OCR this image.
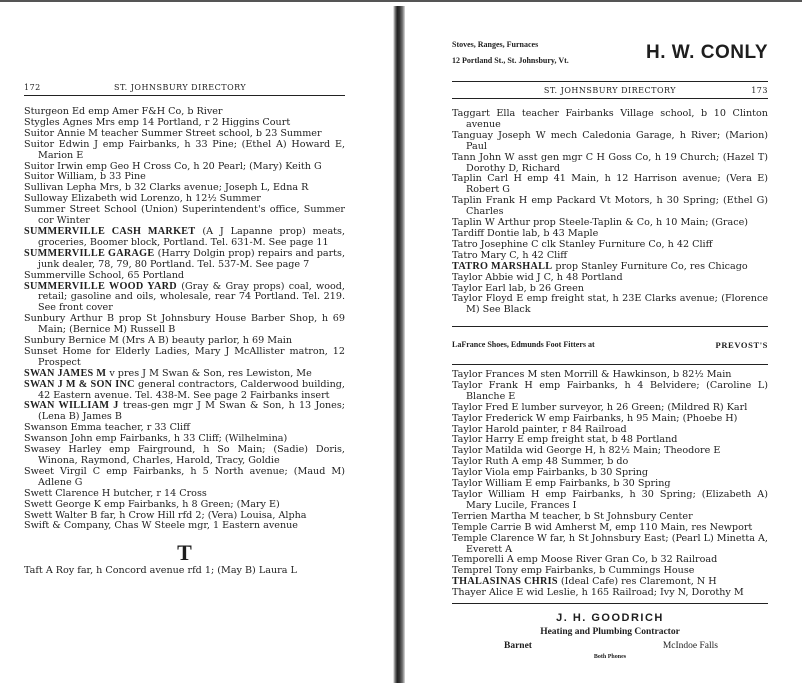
172	ST. JOHNSBURY DIRECTORY
Sturgeon Ed emp Amer F&H Co, b River
Stygles Agnes Mrs emp 14 Portland, r 2 Higgins Court
Suitor Annie M teacher Summer Street school, b 23 Summer
Suitor Edwin J emp Fairbanks, h 33 Pine; (Ethel A) Howard E, Marion E
Suitor Irwin emp Geo H Cross Co, h 20 Pearl; (Mary) Keith G
Suitor William, b 33 Pine
Sullivan Lepha Mrs, b 32 Clarks avenue; Joseph L, Edna R
Sulloway Elizabeth wid Lorenzo, h 12½ Summer
Summer Street School (Union) Superintendent's office, Summer cor Winter
SUMMERVILLE CASH MARKET (A J Lapanne prop) meats, groceries, Boomer block, Portland. Tel. 631-M. See page 11
SUMMERVILLE GARAGE (Harry Dolgin prop) repairs and parts, junk dealer, 78, 79, 80 Portland. Tel. 537-M. See page 7
Summerville School, 65 Portland
SUMMERVILLE WOOD YARD (Gray & Gray props) coal, wood, retail; gasoline and oils, wholesale, rear 74 Portland. Tel. 219. See front cover
Sunbury Arthur B prop St Johnsbury House Barber Shop, h 69 Main; (Bernice M) Russell B
Sunbury Bernice M (Mrs A B) beauty parlor, h 69 Main
Sunset Home for Elderly Ladies, Mary J McAllister matron, 12 Prospect
SWAN JAMES M v pres J M Swan & Son, res Lewiston, Me
SWAN J M & SON INC general contractors, Calderwood building, 42 Eastern avenue. Tel. 438-M. See page 2 Fairbanks insert
SWAN WILLIAM J treas-gen mgr J M Swan & Son, h 13 Jones; (Lena B) James B
Swanson Emma teacher, r 33 Cliff
Swanson John emp Fairbanks, h 33 Cliff; (Wilhelmina)
Swasey Harley emp Fairground, h So Main; (Sadie) Doris, Winona, Raymond, Charles, Harold, Tracy, Goldie
Sweet Virgil C emp Fairbanks, h 5 North avenue; (Maud M) Adlene G
Swett Clarence H butcher, r 14 Cross
Swett George K emp Fairbanks, h 8 Green; (Mary E)
Swett Walter B far, h Crow Hill rfd 2; (Vera) Louisa, Alpha
Swift & Company, Chas W Steele mgr, 1 Eastern avenue
T
Taft A Roy far, h Concord avenue rfd 1; (May B) Laura L
Stoves, Ranges, Furnaces
12 Portland St., St. Johnsbury, Vt.	H. W. CONLY
ST. JOHNSBURY DIRECTORY	173
Taggart Ella teacher Fairbanks Village school, b 10 Clinton avenue
Tanguay Joseph W mech Caledonia Garage, h River; (Marion) Paul
Tann John W asst gen mgr C H Goss Co, h 19 Church; (Hazel T) Dorothy D, Richard
Taplin Carl H emp 41 Main, h 12 Harrison avenue; (Vera E) Robert G
Taplin Frank H emp Packard Vt Motors, h 30 Spring; (Ethel G) Charles
Taplin W Arthur prop Steele-Taplin & Co, h 10 Main; (Grace)
Tardiff Dontie lab, b 43 Maple
Tatro Josephine C clk Stanley Furniture Co, h 42 Cliff
Tatro Mary C, h 42 Cliff
TATRO MARSHALL prop Stanley Furniture Co, res Chicago
Taylor Abbie wid J C, h 48 Portland
Taylor Earl lab, b 26 Green
Taylor Floyd E emp freight stat, h 23E Clarks avenue; (Florence M) See Black
LaFrance Shoes, Edmunds Foot Fitters at	PREVOST'S
Taylor Frances M sten Morrill & Hawkinson, b 82½ Main
Taylor Frank H emp Fairbanks, h 4 Belvidere; (Caroline L) Blanche E
Taylor Fred E lumber surveyor, h 26 Green; (Mildred R) Karl
Taylor Frederick W emp Fairbanks, h 95 Main; (Phoebe H)
Taylor Harold painter, r 84 Railroad
Taylor Harry E emp freight stat, b 48 Portland
Taylor Matilda wid George H, h 82½ Main; Theodore E
Taylor Ruth A emp 48 Summer, b do
Taylor Viola emp Fairbanks, b 30 Spring
Taylor William E emp Fairbanks, b 30 Spring
Taylor William H emp Fairbanks, h 30 Spring; (Elizabeth A) Mary Lucile, Frances I
Terrien Martha M teacher, b St Johnsbury Center
Temple Carrie B wid Amherst M, emp 110 Main, res Newport
Temple Clarence W far, h St Johnsbury East; (Pearl L) Minetta A, Everett A
Temporelli A emp Moose River Gran Co, b 32 Railroad
Temprel Tony emp Fairbanks, b Cummings House
THALASINAS CHRIS (Ideal Cafe) res Claremont, N H
Thayer Alice E wid Leslie, h 165 Railroad; Ivy N, Dorothy M
J. H. GOODRICH
Heating and Plumbing Contractor
Barnet	McIndoe Falls
Both Phones
